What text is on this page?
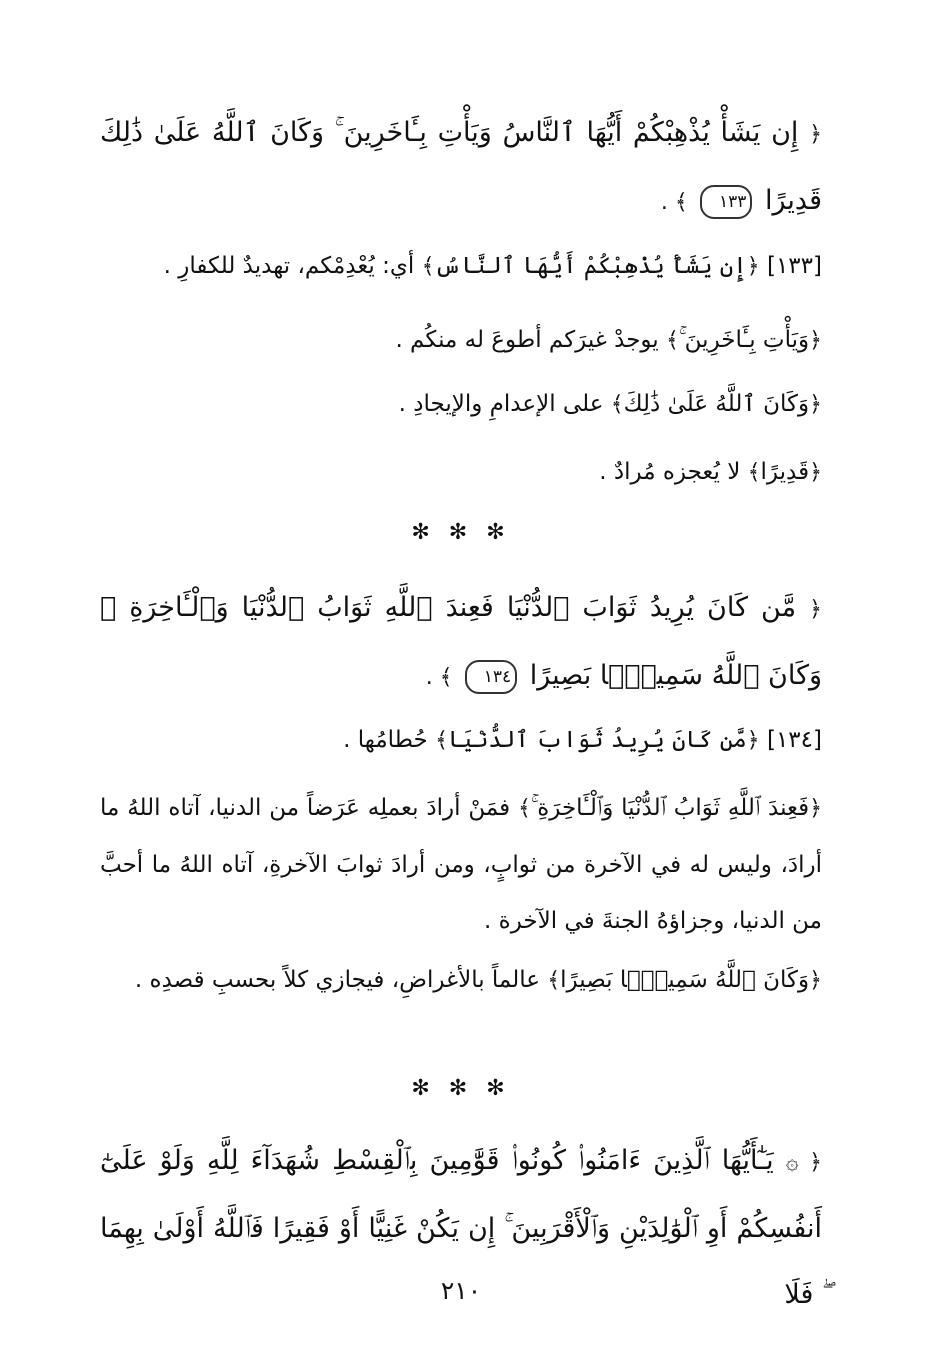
﴿ إِن يَشَأْ يُذْهِبْكُمْ أَيُّهَا ٱلنَّاسُ وَيَأْتِ بِـَٔاخَرِينَ ۚ وَكَانَ ٱللَّهُ عَلَىٰ ذَٰلِكَ قَدِيرًا ١٣٣ ﴾ .
[١٣٣] ﴿إِن يَشَأْ يُذْهِبْكُمْ أَيُّهَا ٱلنَّاسُ﴾ أي: يُعْدِمْكم، تهديدٌ للكفارِ .
﴿وَيَأْتِ بِـَٔاخَرِينَ ۚ﴾ يوجدْ غيرَكم أطوعَ له منكُم .
﴿وَكَانَ ٱللَّهُ عَلَىٰ ذَٰلِكَ﴾ على الإعدامِ والإيجادِ .
﴿قَدِيرًا﴾ لا يُعجزه مُرادٌ .
✻ ✻ ✻
﴿ مَّن كَانَ يُرِيدُ ثَوَابَ ٱلدُّنْيَا فَعِندَ ٱللَّهِ ثَوَابُ ٱلدُّنْيَا وَٱلْـَٔاخِرَةِ ۚ وَكَانَ ٱللَّهُ سَمِيعًۢا بَصِيرًا ١٣٤ ﴾ .
[١٣٤] ﴿مَّن كَانَ يُرِيدُ ثَوَابَ ٱلدُّنْيَا﴾ حُطامُها .
﴿فَعِندَ ٱللَّهِ ثَوَابُ ٱلدُّنْيَا وَٱلْـَٔاخِرَةِ ۚ﴾ فمَنْ أرادَ بعملِه عَرَضاً من الدنيا، آتاه اللهُ ما أرادَ، وليس له في الآخرة من ثوابٍ، ومن أرادَ ثوابَ الآخرةِ، آتاه اللهُ ما أحبَّ من الدنيا، وجزاؤهُ الجنةَ في الآخرة .
﴿وَكَانَ ٱللَّهُ سَمِيعًۢا بَصِيرًا﴾ عالماً بالأغراضِ، فيجازي كلاً بحسبِ قصدِه .
✻ ✻ ✻
﴿ ۞ يَـٰٓأَيُّهَا ٱلَّذِينَ ءَامَنُوا۟ كُونُوا۟ قَوَّٰمِينَ بِٱلْقِسْطِ شُهَدَآءَ لِلَّهِ وَلَوْ عَلَىٰٓ أَنفُسِكُمْ أَوِ ٱلْوَٰلِدَيْنِ وَٱلْأَقْرَبِينَ ۚ إِن يَكُنْ غَنِيًّا أَوْ فَقِيرًا فَٱللَّهُ أَوْلَىٰ بِهِمَا ۖ فَلَا
٢١٠
